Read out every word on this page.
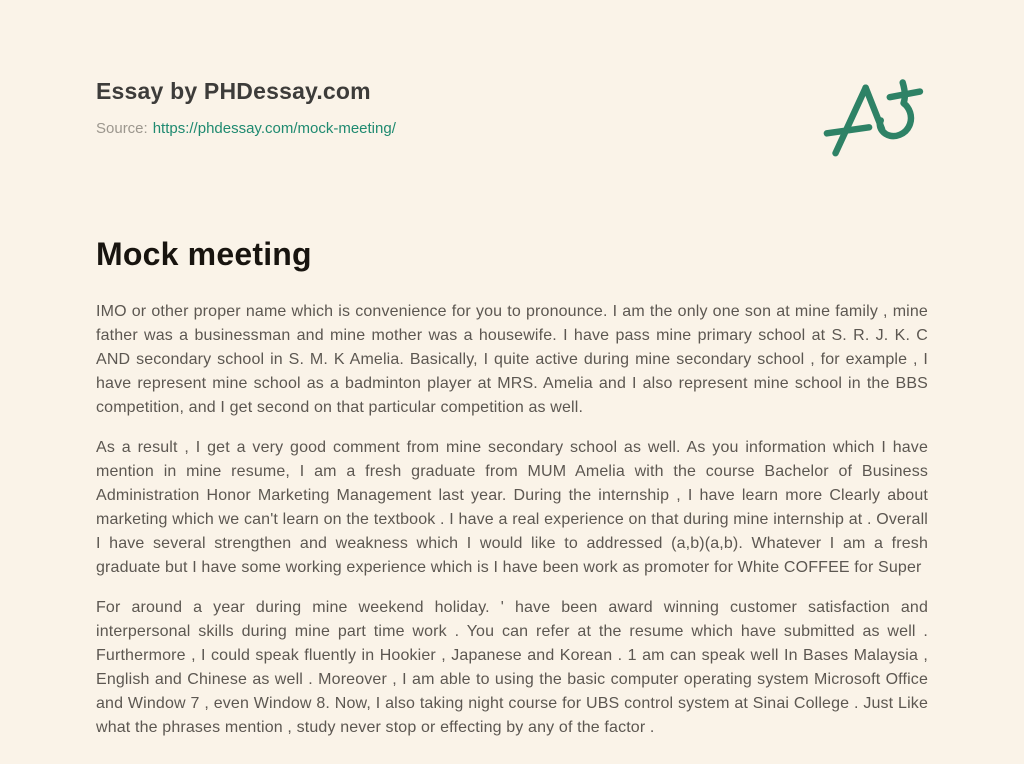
Essay by PHDessay.com
Source: https://phdessay.com/mock-meeting/
Mock meeting

IMO or other proper name which is convenience for you to pronounce. I am the only one son at mine family , mine father was a businessman and mine mother was a housewife. I have pass mine primary school at S. R. J. K. C AND secondary school in S. M. K Amelia. Basically, I quite active during mine secondary school , for example , I have represent mine school as a badminton player at MRS. Amelia and I also represent mine school in the BBS competition, and I get second on that particular competition as well.

As a result , I get a very good comment from mine secondary school as well. As you information which I have mention in mine resume, I am a fresh graduate from MUM Amelia with the course Bachelor of Business Administration Honor Marketing Management last year. During the internship , I have learn more Clearly about marketing which we can't learn on the textbook . I have a real experience on that during mine internship at . Overall I have several strengthen and weakness which I would like to addressed (a,b)(a,b). Whatever I am a fresh graduate but I have some working experience which is I have been work as promoter for White COFFEE for Super

For around a year during mine weekend holiday. ' have been award winning customer satisfaction and interpersonal skills during mine part time work . You can refer at the resume which have submitted as well . Furthermore , I could speak fluently in Hookier , Japanese and Korean . 1 am can speak well In Bases Malaysia , English and Chinese as well . Moreover , I am able to using the basic computer operating system Microsoft Office and Window 7 , even Window 8. Now, I also taking night course for UBS control system at Sinai College . Just Like what the phrases mention , study never stop or effecting by any of the factor .
